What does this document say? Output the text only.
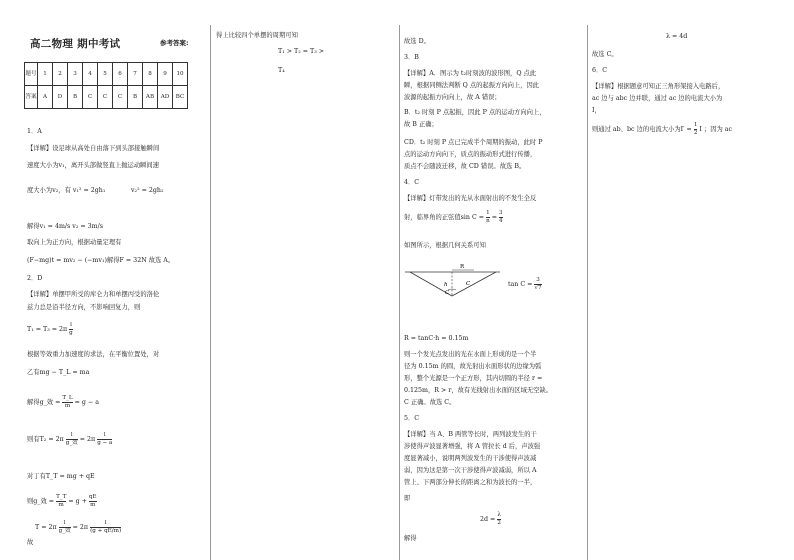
高二物理 期中考试	参考答案:
题号	1	2	3	4	5	6	7	8	9	10
答案	A	D	B	C	C	C	B	AB	AD	BC
1．A
【详解】设足球从高处自由落下到头部接触瞬间
速度大小为v₁，离开头部做竖直上抛运动瞬间速
度大小为v₂，有 v₁² = 2gh₁	v₂² = 2gh₂
解得v₁ = 4m/s v₂ = 3m/s
取向上为正方向，根据动量定理有
(F−mg)t = mv₂ − (−mv₁)解得F = 32N 故选 A。
2．D
【详解】单摆甲所受的库仑力和单摆丙受的洛伦
兹力总是沿半径方向，不影响回复力，则
$T_1 = T_3 = 2\pi \frac{l}{g}$
根据等效重力加速度的求法，在平衡位置处，对
乙有mg − T_L = ma
解得g_效 = $\frac{T\_L}{m} = g - a$
则有$T_2 = 2\pi \frac{l}{\text{g\_效}} = 2\pi \frac{l}{g - a}$
对丁有T_T = mg + qE
则g_效 = $\frac{T\_T}{m} = g + \frac{qE}{m}$
$T = 2\pi \frac{l}{\text{g\_效}} = 2\pi \frac{l}{(g + qE/m)}$
故
得上比较四个单摆的周期可知
T₁ > T₂ = T₃ >
T₄
故选 D。
3．B
【详解】A．图示为 t₂时刻波的波形图，Q 点此
瞬，根据同侧法判断 Q 点的起振方向向上，因此
波源的起振方向向上，故 A 错误；
B．t₂ 时刻 P 点起振，因此 P 点的运动方向向上，
故 B 正确；
CD．t₂ 时刻 P 点已完成半个周期的振动，此时 P
点的运动方向向下，质点的振动形式进行传播，
质点不会随波迁移，故 CD 错误。故选 B。
4．C
【详解】灯带发出的光从水面射出的不发生全反
射，临界角的正弦值$\sin C = \frac{1}{n} = \frac{3}{4}$
如图所示，根据几何关系可知
R
h
C
C	$\tan C = \frac{3}{√7}$
R = tanC·h = 0.15m
则一个发光点发出的光在水面上形成的是一个半
径为 0.15m 的圆，故光射出水面形状的边缘为弧
形，整个光源是一个正方形，其内切圆的半径 r =
0.125m，R > r，故有光线射出水面的区域无空缺。
C 正确。故选 C。
5．C
【详解】当 A、B 两管等长时，两列波发生的干
涉使得声波显著增强，将 A 管拉长 d 后，声波强
度显著减小，说明两列波发生的干涉使得声波减
弱，因为这是第一次干涉使得声波减弱，所以 A
管上、下两部分伸长的距离之和为波长的一半，
即
$2d = \frac{\lambda}{2}$
解得
λ = 4d
故选 C。
6．C
【详解】根据题意可知正三角形架接入电路后，
ac 边与 abc 边并联，通过 ac 边的电流大小为
I，
则通过 ab、bc 边的电流大小为$I' = \frac{1}{2}$ I ；因为 ac
